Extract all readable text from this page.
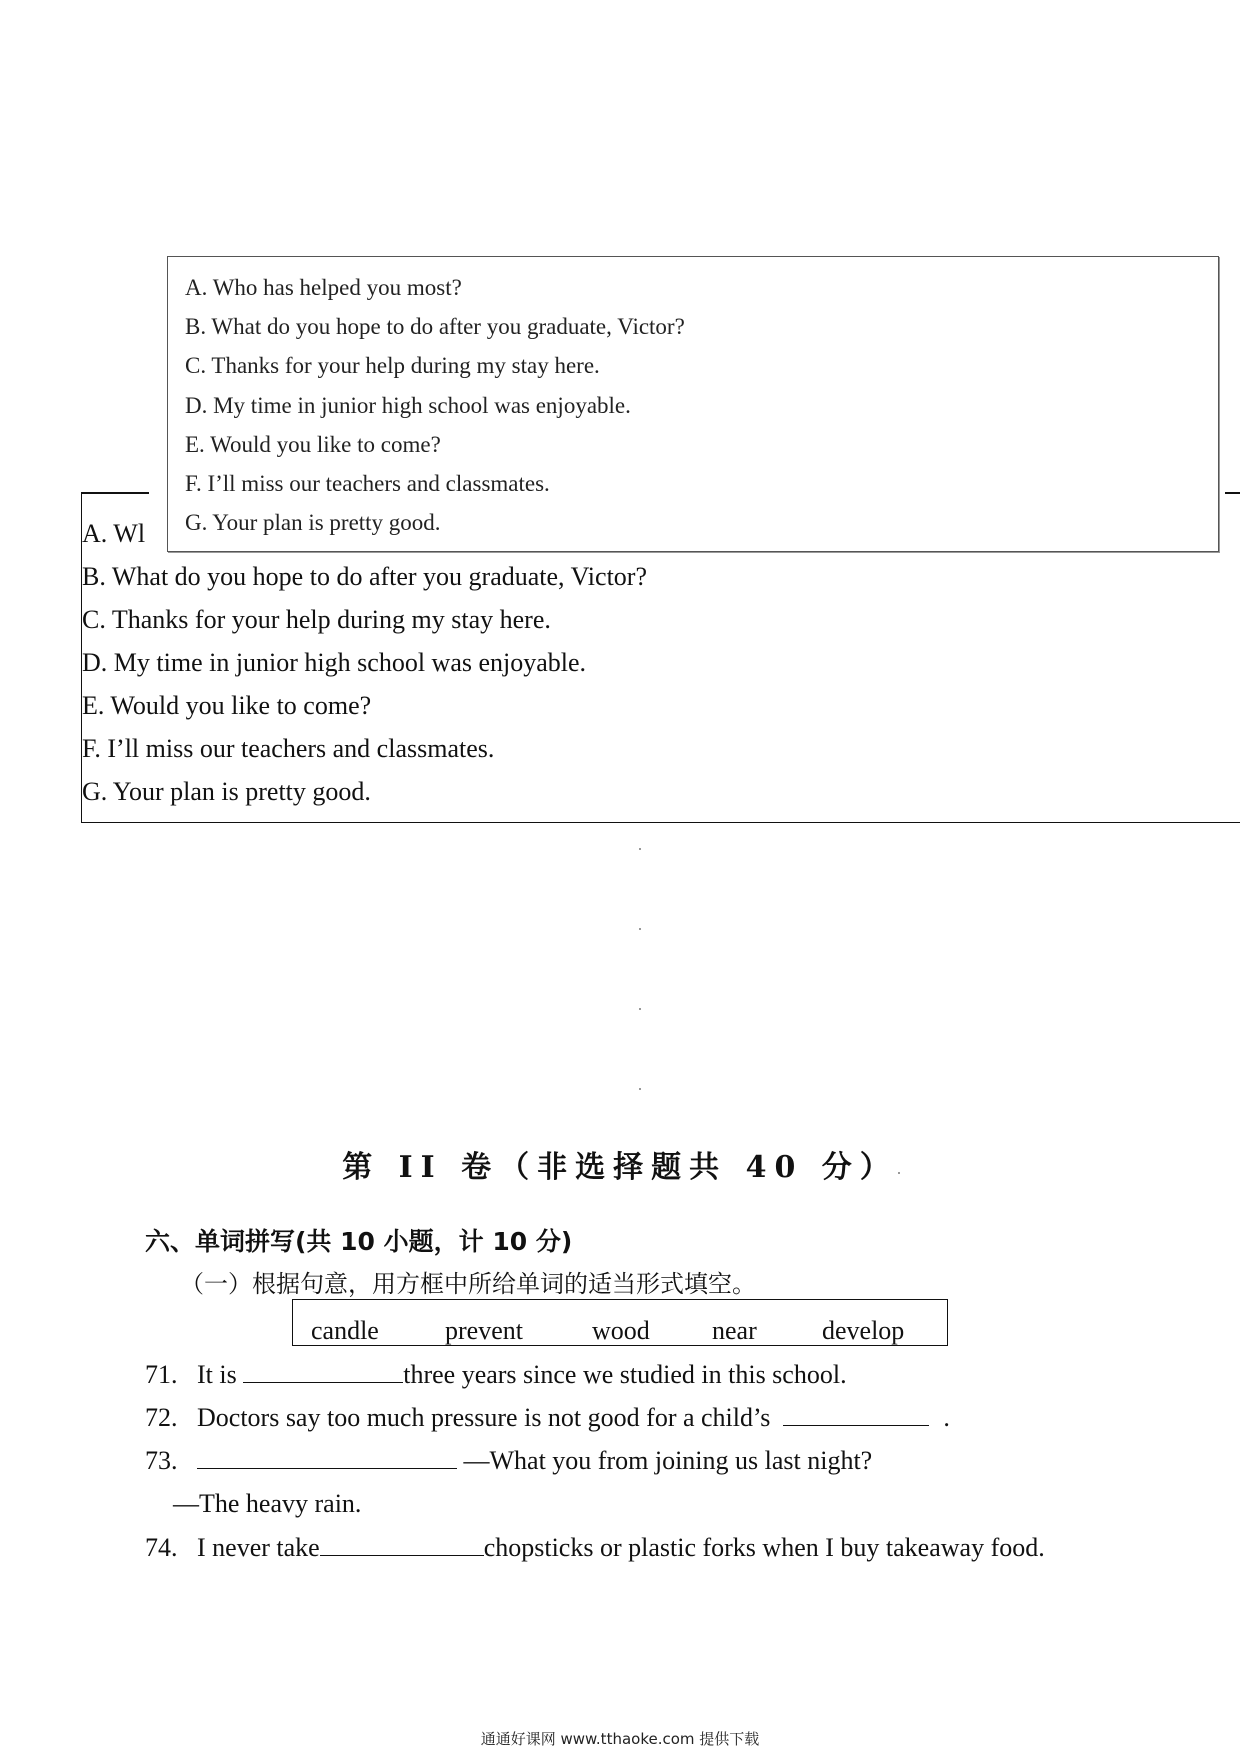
A. Wl
B. What do you hope to do after you graduate, Victor?
C. Thanks for your help during my stay here.
D. My time in junior high school was enjoyable.
E. Would you like to come?
F. I’ll miss our teachers and classmates.
G. Your plan is pretty good.
A. Who has helped you most?
B. What do you hope to do after you graduate, Victor?
C. Thanks for your help during my stay here.
D. My time in junior high school was enjoyable.
E. Would you like to come?
F. I’ll miss our teachers and classmates.
G. Your plan is pretty good.
第 II 卷（非选择题共 40 分）
六、单词拼写(共 10 小题，计 10 分)
（一）根据句意，用方框中所给单词的适当形式填空。
candle	prevent	wood near	develop
71. It is	three years since we studied in this school.
72. Doctors say too much pressure is not good for a child’s	.
73.	—What you from joining us last night?
—The heavy rain.
74. I never take	chopsticks or plastic forks when I buy takeaway food.
通通好课网 www.tthaoke.com 提供下载
